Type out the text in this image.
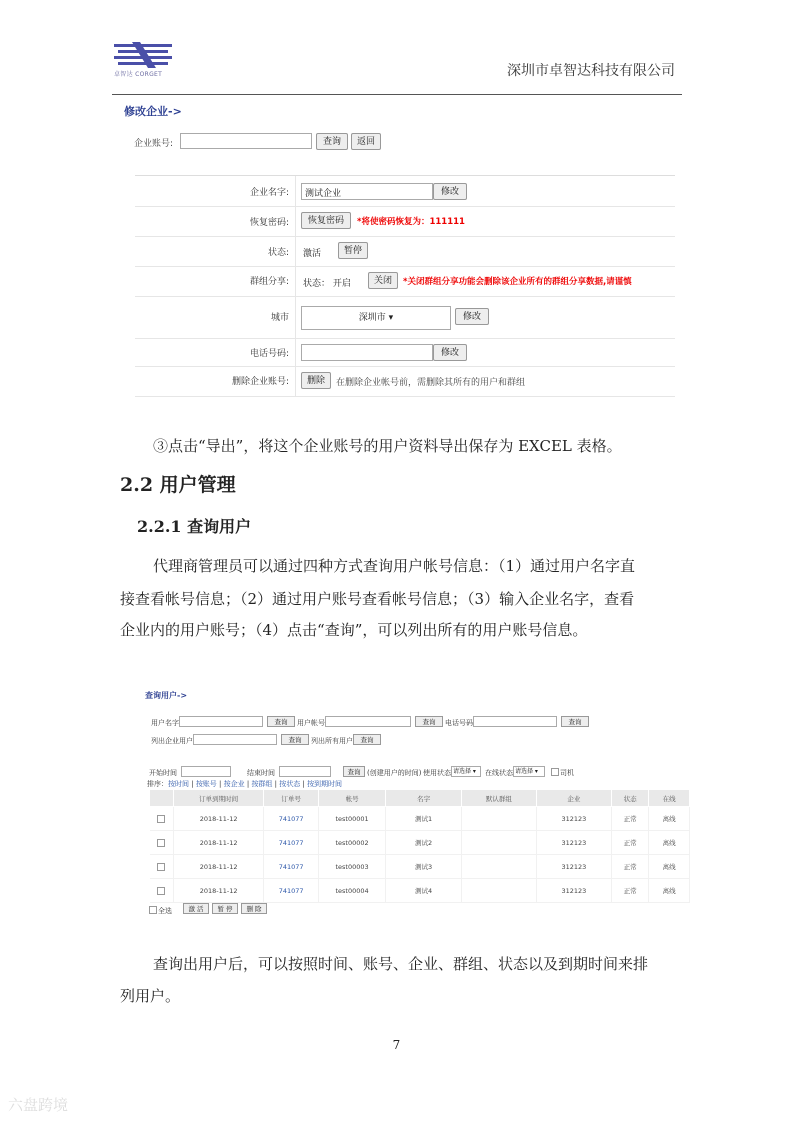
卓智达 CORGET	深圳市卓智达科技有限公司
修改企业->
企业账号:	查询	返回
企业名字:	测试企业	修改
恢复密码:	恢复密码	*将使密码恢复为：111111
状态: 激活	暂停
群组分享: 状态： 开启	关闭	*关闭群组分享功能会删除该企业所有的群组分享数据,请谨慎
城市	深圳市 ▾	修改
电话号码:	修改
删除企业账号:	删除	在删除企业帐号前，需删除其所有的用户和群组
③点击“导出”，将这个企业账号的用户资料导出保存为 EXCEL 表格。
2.2 用户管理
2.2.1 查询用户
代理商管理员可以通过四种方式查询用户帐号信息：（1）通过用户名字直
接查看帐号信息；（2）通过用户账号查看帐号信息；（3）输入企业名字，查看
企业内的用户账号；（4）点击“查询”，可以列出所有的用户账号信息。
查询用户->
用户名字	查询	用户帐号	查询	电话号码	查询
列出企业用户	查询	列出所有用户	查询
开始时间	结束时间	查询 (创建用户的时间) 使用状态 请选择 ▾	在线状态 请选择 ▾	司机
排序：按时间 | 按账号 | 按企业 | 按群组 | 按状态 | 按到期时间
	订单到期时间	订单号	帐号	名字	默认群组	企业	状态	在线
	2018-11-12	741077	test00001	测试1		312123	正常	离线
	2018-11-12	741077	test00002	测试2		312123	正常	离线
	2018-11-12	741077	test00003	测试3		312123	正常	离线
	2018-11-12	741077	test00004	测试4		312123	正常	离线
全选	激 活	暂 停	删 除
查询出用户后，可以按照时间、账号、企业、群组、状态以及到期时间来排
列用户。
7
六盘跨境
